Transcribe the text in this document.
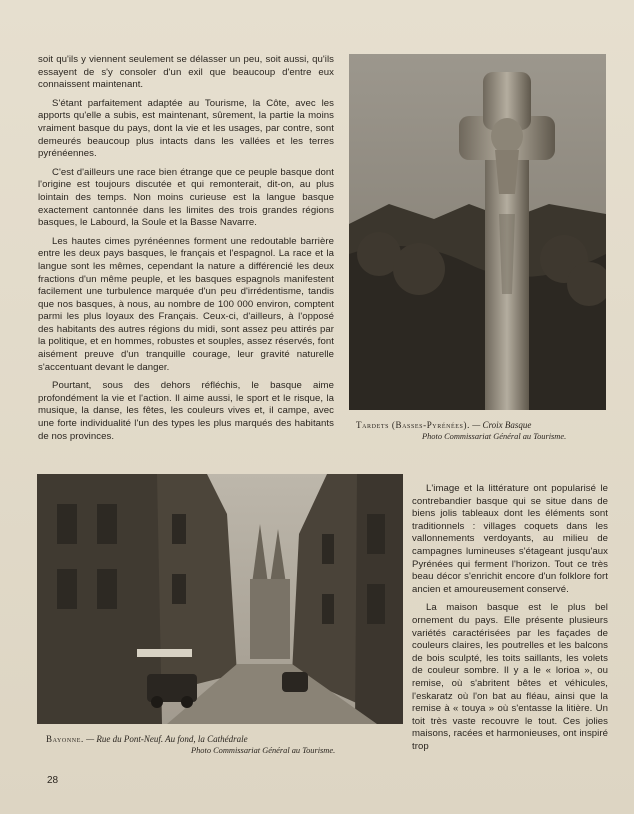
soit qu'ils y viennent seulement se délasser un peu, soit aussi, qu'ils essayent de s'y consoler d'un exil que beaucoup d'entre eux connaissent maintenant.

S'étant parfaitement adaptée au Tourisme, la Côte, avec les apports qu'elle a subis, est maintenant, sûrement, la partie la moins vraiment basque du pays, dont la vie et les usages, par contre, sont demeurés beaucoup plus intacts dans les vallées et les terres pyrénéennes.

C'est d'ailleurs une race bien étrange que ce peuple basque dont l'origine est toujours discutée et qui remonterait, dit-on, au plus lointain des temps. Non moins curieuse est la langue basque exactement cantonnée dans les limites des trois grandes régions basques, le Labourd, la Soule et la Basse Navarre.

Les hautes cimes pyrénéennes forment une redoutable barrière entre les deux pays basques, le français et l'espagnol. La race et la langue sont les mêmes, cependant la nature a différencié les deux fractions d'un même peuple, et les basques espagnols manifestent facilement une turbulence marquée d'un peu d'irrédentisme, tandis que nos basques, à nous, au nombre de 100 000 environ, comptent parmi les plus loyaux des Français. Ceux-ci, d'ailleurs, à l'opposé des habitants des autres régions du midi, sont assez peu attirés par la politique, et en hommes, robustes et souples, assez réservés, font aisément preuve d'un tranquille courage, leur gravité naturelle s'accentuant devant le danger.

Pourtant, sous des dehors réfléchis, le basque aime profondément la vie et l'action. Il aime aussi, le sport et le risque, la musique, la danse, les fêtes, les couleurs vives et, il campe, avec une forte individualité l'un des types les plus marqués des habitants de nos provinces.

Tardets (Basses-Pyrénées). — Croix Basque
Photo Commissariat Général au Tourisme.
Bayonne. — Rue du Pont-Neuf. Au fond, la Cathédrale
Photo Commissariat Général au Tourisme.

L'image et la littérature ont popularisé le contrebandier basque qui se situe dans de biens jolis tableaux dont les éléments sont traditionnels : villages coquets dans les vallonnements verdoyants, au milieu de campagnes lumineuses s'étageant jusqu'aux Pyrénées qui ferment l'horizon. Tout ce très beau décor s'enrichit encore d'un folklore fort ancien et amoureusement conservé.

La maison basque est le plus bel ornement du pays. Elle présente plusieurs variétés caractérisées par les façades de couleurs claires, les poutrelles et les balcons de bois sculpté, les toits saillants, les volets de couleur sombre. Il y a le « lorioa », ou remise, où s'abritent bêtes et véhicules, l'eskaratz où l'on bat au fléau, ainsi que la remise à « touya » où s'entasse la litière. Un toit très vaste recouvre le tout. Ces jolies maisons, racées et harmonieuses, ont inspiré trop

28
